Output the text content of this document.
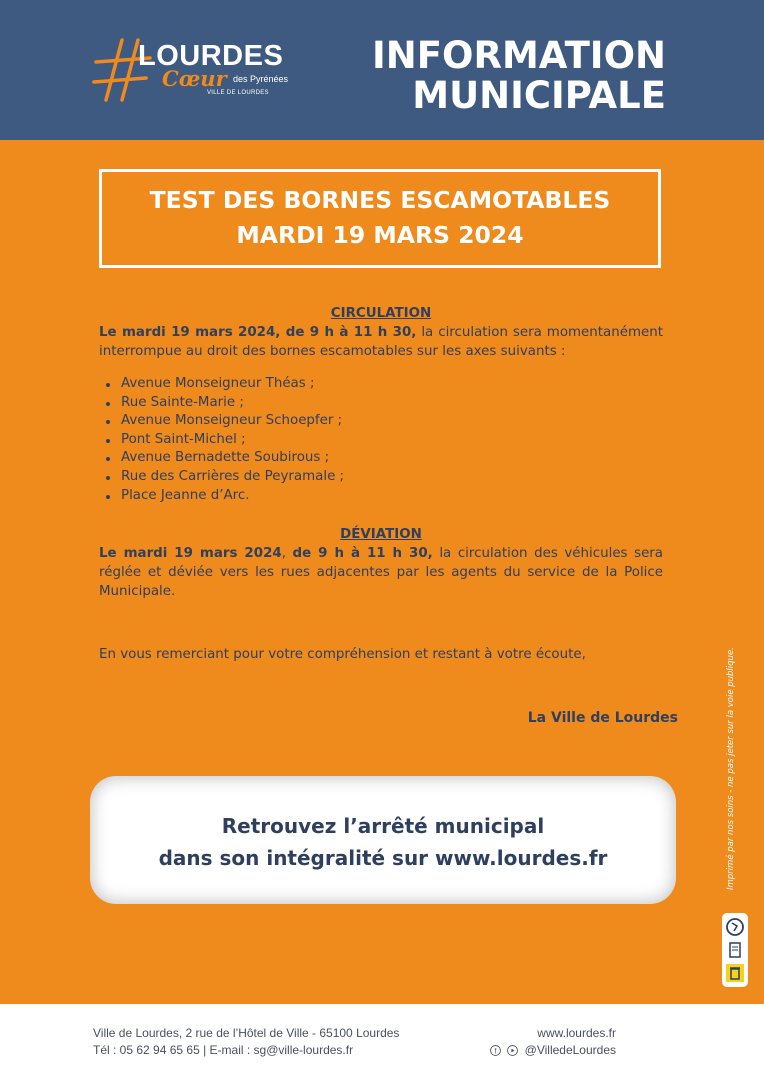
LOURDES
Cœur des Pyrénées
VILLE DE LOURDES
INFORMATION
MUNICIPALE
TEST DES BORNES ESCAMOTABLES
MARDI 19 MARS 2024
CIRCULATION
Le mardi 19 mars 2024, de 9 h à 11 h 30, la circulation sera momentanément interrompue au droit des bornes escamotables sur les axes suivants :
Avenue Monseigneur Théas ;
Rue Sainte-Marie ;
Avenue Monseigneur Schoepfer ;
Pont Saint-Michel ;
Avenue Bernadette Soubirous ;
Rue des Carrières de Peyramale ;
Place Jeanne d’Arc.
DÉVIATION
Le mardi 19 mars 2024, de 9 h à 11 h 30, la circulation des véhicules sera réglée et déviée vers les rues adjacentes par les agents du service de la Police Municipale.
En vous remerciant pour votre compréhension et restant à votre écoute,
La Ville de Lourdes
Retrouvez l’arrêté municipal
dans son intégralité sur www.lourdes.fr	Imprimé par nos soins - ne pas jeter sur la voie publique.
Ville de Lourdes, 2 rue de l’Hôtel de Ville - 65100 Lourdes
Tél : 05 62 94 65 65 | E-mail : sg@ville-lourdes.fr
www.lourdes.fr
f @VilledeLourdes
